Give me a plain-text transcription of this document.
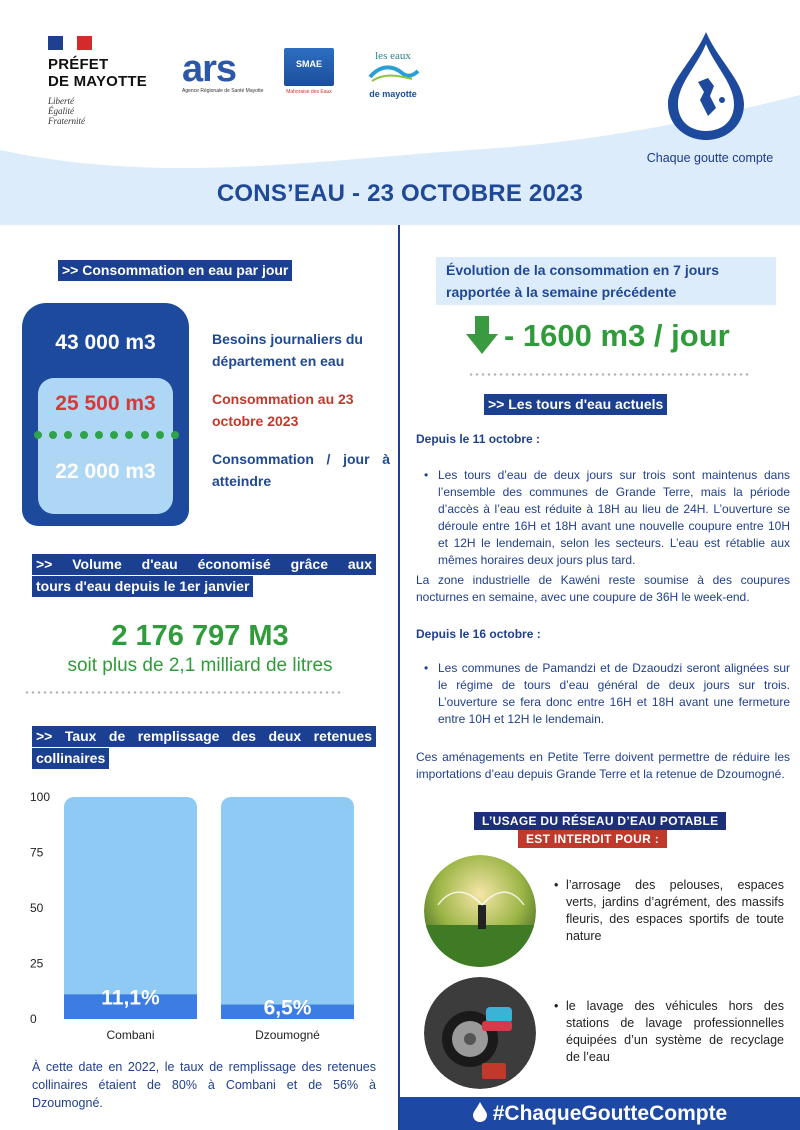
PRÉFET
DE MAYOTTE
Liberté
Égalité
Fraternité
ars
Agence Régionale de Santé Mayotte
SMAE
Mahoraise des Eaux
les eaux
de mayotte
Chaque goutte compte
CONS’EAU - 23 OCTOBRE 2023
>> Consommation en eau par jour
43 000 m3
25 500 m3
22 000 m3
Besoins journaliers du département en eau
Consommation au 23 octobre 2023
Consommation / jour à atteindre
>> Volume d'eau économisé grâce aux
tours d'eau depuis le 1er janvier
2 176 797 M3
soit plus de 2,1 milliard de litres
>> Taux de remplissage des deux retenues
collinaires
0
25
50
75
100
11,1%
Combani
6,5%
Dzoumogné
À cette date en 2022, le taux de remplissage des retenues collinaires étaient de 80% à Combani et de 56% à Dzoumogné.
Évolution de la consommation en 7 jours rapportée à la semaine précédente
- 1600 m3 / jour
>> Les tours d'eau actuels
Depuis le 11 octobre :
• Les tours d’eau de deux jours sur trois sont maintenus dans l’ensemble des communes de Grande Terre, mais la période d’accès à l’eau est réduite à 18H au lieu de 24H. L’ouverture se déroule entre 16H et 18H avant une nouvelle coupure entre 10H et 12H le lendemain, selon les secteurs. L’eau est rétablie aux mêmes horaires deux jours plus tard.
La zone industrielle de Kawéni reste soumise à des coupures nocturnes en semaine, avec une coupure de 36H le week-end.
Depuis le 16 octobre :
• Les communes de Pamandzi et de Dzaoudzi seront alignées sur le régime de tours d’eau général de deux jours sur trois. L’ouverture se fera donc entre 16H et 18H avant une fermeture entre 10H et 12H le lendemain.
Ces aménagements en Petite Terre doivent permettre de réduire les importations d’eau depuis Grande Terre et la retenue de Dzoumogné.
L’USAGE DU RÉSEAU D’EAU POTABLE
EST INTERDIT POUR :
• l’arrosage des pelouses, espaces verts, jardins d’agrément, des massifs fleuris, des espaces sportifs de toute nature
• le lavage des véhicules hors des stations de lavage professionnelles équipées d’un système de recyclage de l’eau
#ChaqueGoutteCompte
